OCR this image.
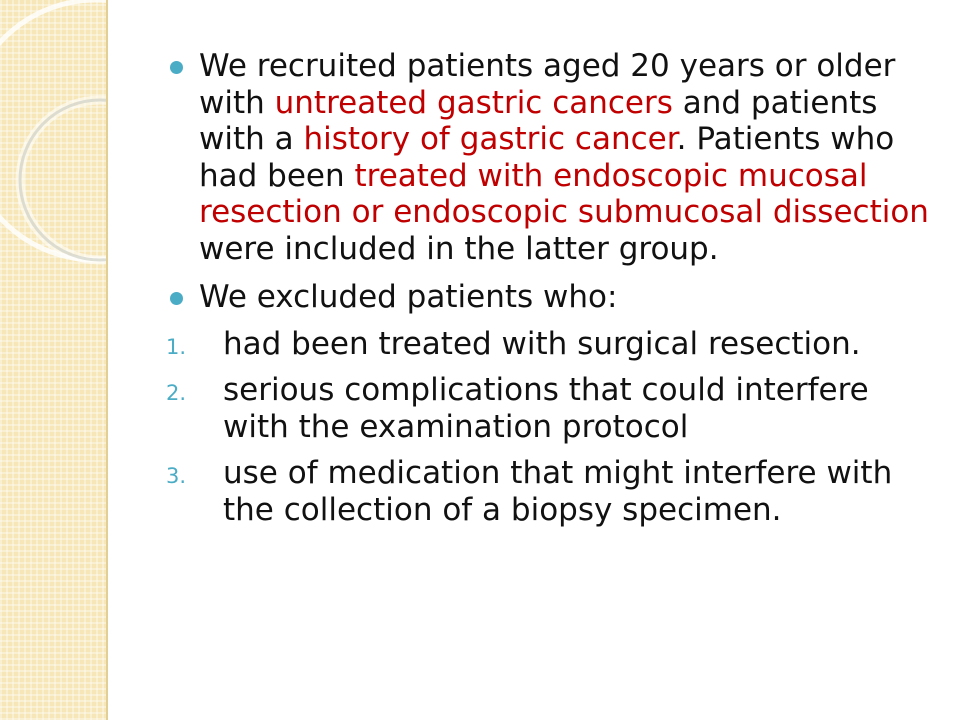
We recruited patients aged 20 years or older with untreated gastric cancers and patients with a history of gastric cancer. Patients who had been treated with endoscopic mucosal resection or endoscopic submucosal dissection were included in the latter group.

We excluded patients who:

1. had been treated with surgical resection.

2. serious complications that could interfere with the examination protocol

3. use of medication that might interfere with the collection of a biopsy specimen.
